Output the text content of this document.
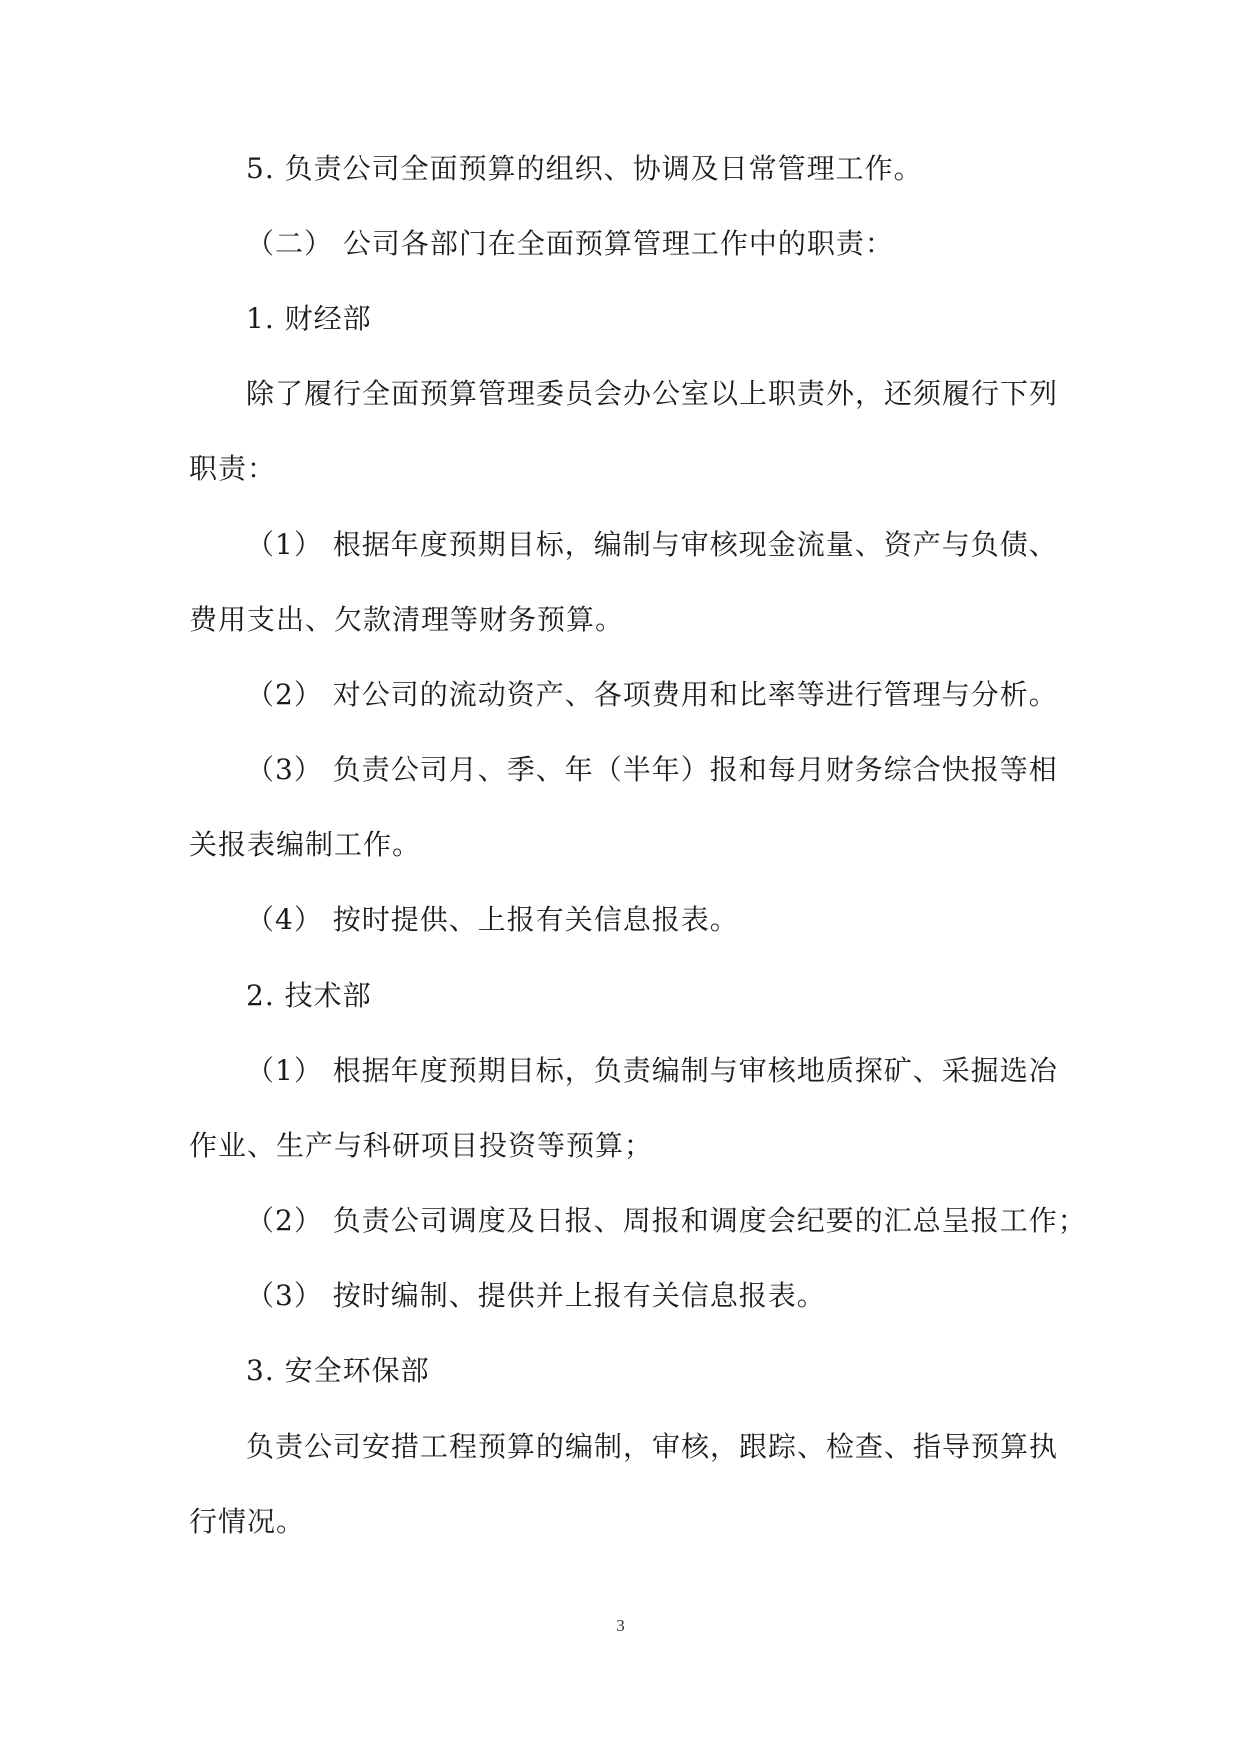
5. 负责公司全面预算的组织、协调及日常管理工作。
（二） 公司各部门在全面预算管理工作中的职责：
1. 财经部
除了履行全面预算管理委员会办公室以上职责外，还须履行下列
职责：
（1） 根据年度预期目标，编制与审核现金流量、资产与负债、
费用支出、欠款清理等财务预算。
（2） 对公司的流动资产、各项费用和比率等进行管理与分析。
（3） 负责公司月、季、年（半年）报和每月财务综合快报等相
关报表编制工作。
（4） 按时提供、上报有关信息报表。
2. 技术部
（1） 根据年度预期目标，负责编制与审核地质探矿、采掘选冶
作业、生产与科研项目投资等预算；
（2） 负责公司调度及日报、周报和调度会纪要的汇总呈报工作；
（3） 按时编制、提供并上报有关信息报表。
3. 安全环保部
负责公司安措工程预算的编制，审核，跟踪、检查、指导预算执
行情况。
3
